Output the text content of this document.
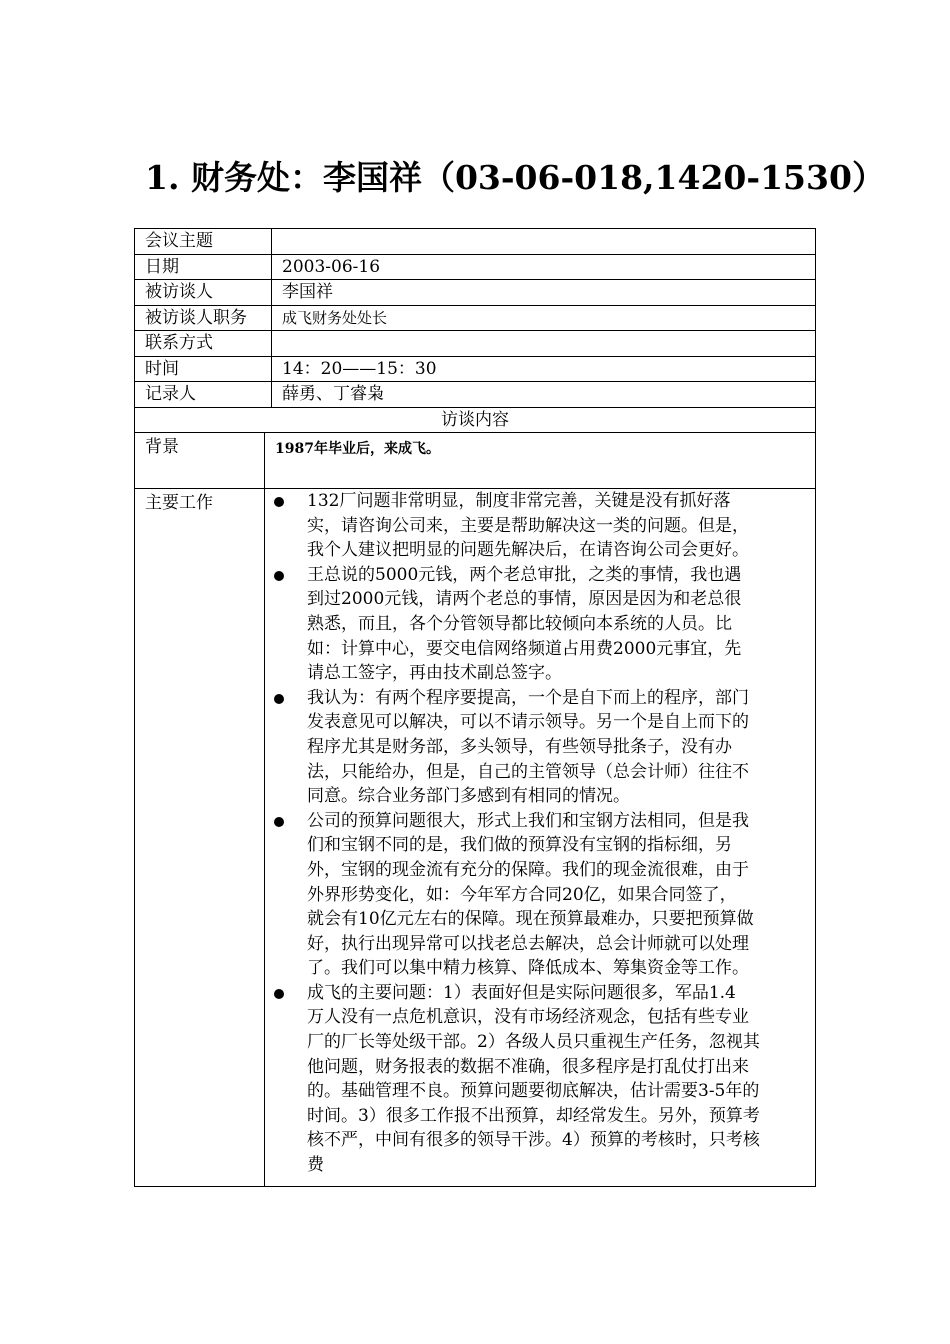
1. 财务处：李国祥（03-06-018,1420-1530）
会议主题
日期	2003-06-16
被访谈人	李国祥
被访谈人职务	成飞财务处处长
联系方式
时间	14：20——15：30
记录人	薛勇、丁睿枭
访谈内容
背景	1987年毕业后，来成飞。
主要工作	132厂问题非常明显，制度非常完善，关键是没有抓好落
实，请咨询公司来，主要是帮助解决这一类的问题。但是，
我个人建议把明显的问题先解决后，在请咨询公司会更好。
王总说的5000元钱，两个老总审批，之类的事情，我也遇
到过2000元钱，请两个老总的事情，原因是因为和老总很
熟悉，而且，各个分管领导都比较倾向本系统的人员。比
如：计算中心，要交电信网络频道占用费2000元事宜，先
请总工签字，再由技术副总签字。
我认为：有两个程序要提高，一个是自下而上的程序，部门
发表意见可以解决，可以不请示领导。另一个是自上而下的
程序尤其是财务部，多头领导，有些领导批条子，没有办
法，只能给办，但是，自己的主管领导（总会计师）往往不
同意。综合业务部门多感到有相同的情况。
公司的预算问题很大，形式上我们和宝钢方法相同，但是我
们和宝钢不同的是，我们做的预算没有宝钢的指标细，另
外，宝钢的现金流有充分的保障。我们的现金流很难，由于
外界形势变化，如：今年军方合同20亿，如果合同签了，
就会有10亿元左右的保障。现在预算最难办，只要把预算做
好，执行出现异常可以找老总去解决，总会计师就可以处理
了。我们可以集中精力核算、降低成本、筹集资金等工作。
成飞的主要问题：1）表面好但是实际问题很多，军品1.4
万人没有一点危机意识，没有市场经济观念，包括有些专业
厂的厂长等处级干部。2）各级人员只重视生产任务，忽视其
他问题，财务报表的数据不准确，很多程序是打乱仗打出来
的。基础管理不良。预算问题要彻底解决，估计需要3-5年的
时间。3）很多工作报不出预算，却经常发生。另外，预算考
核不严，中间有很多的领导干涉。4）预算的考核时，只考核
费
